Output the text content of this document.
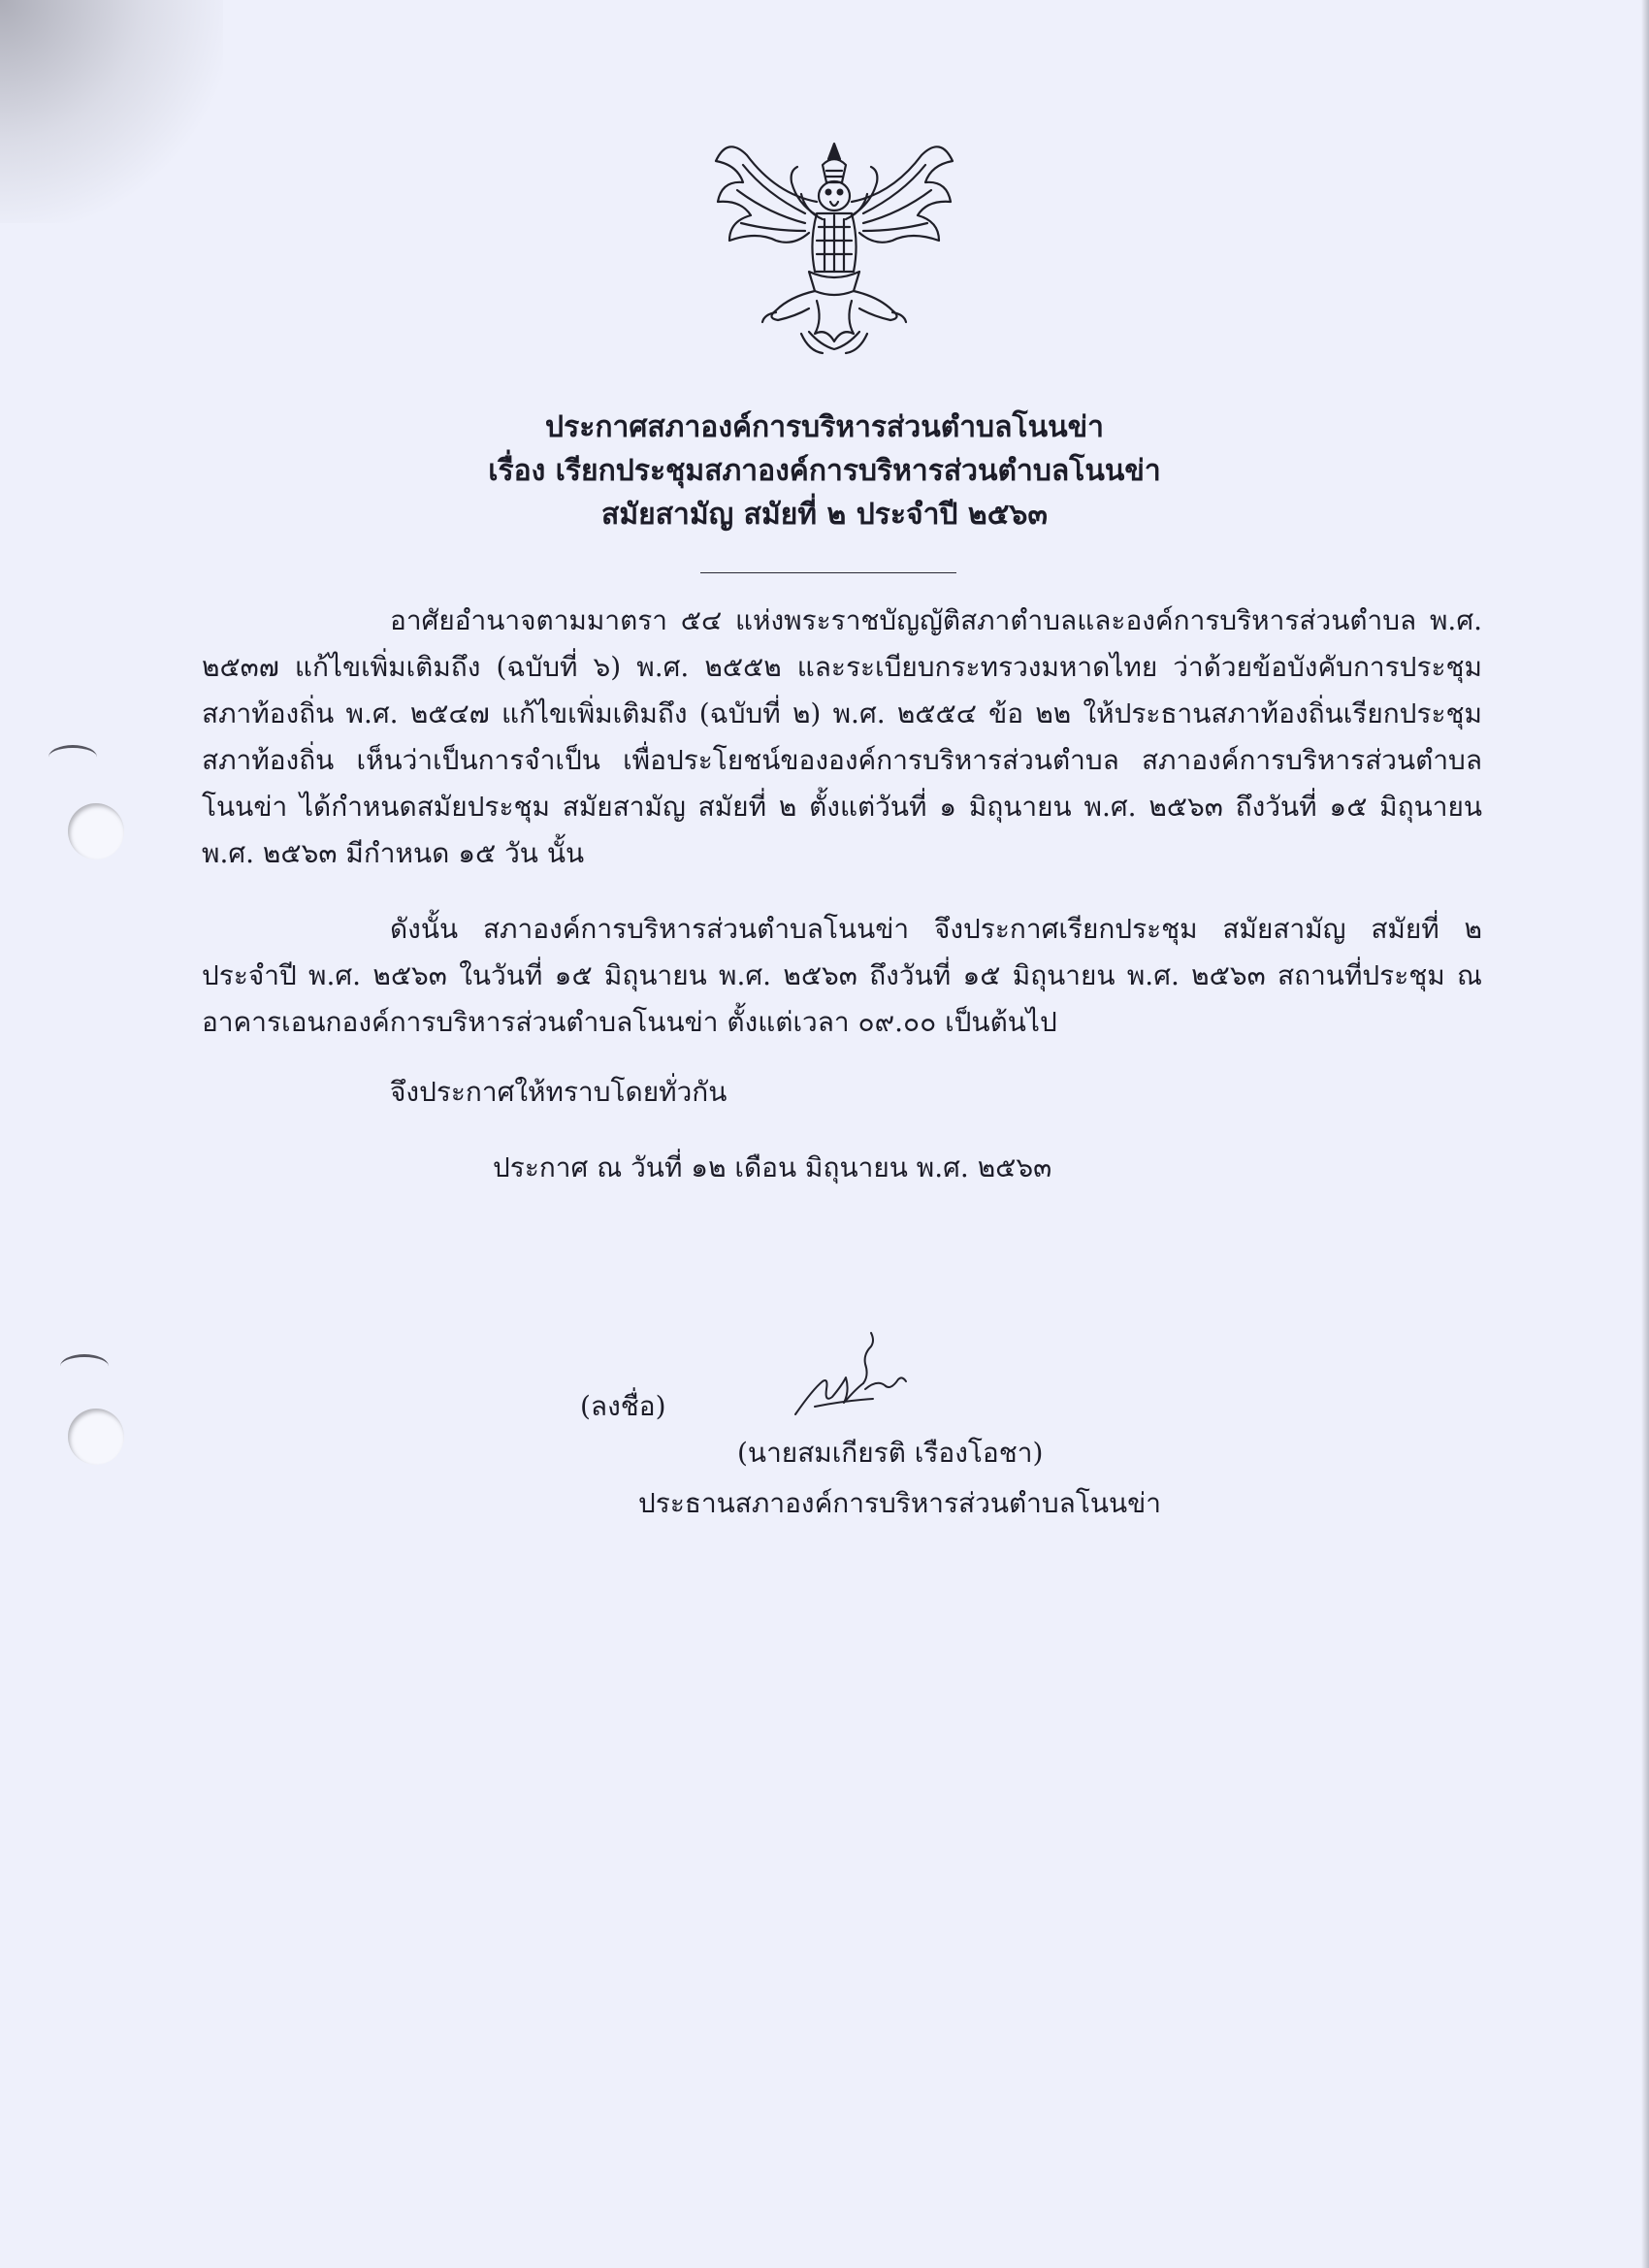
ประกาศสภาองค์การบริหารส่วนตำบลโนนข่า
เรื่อง เรียกประชุมสภาองค์การบริหารส่วนตำบลโนนข่า
สมัยสามัญ สมัยที่ ๒ ประจำปี ๒๕๖๓
อาศัยอำนาจตามมาตรา ๕๔ แห่งพระราชบัญญัติสภาตำบลและองค์การบริหารส่วนตำบล พ.ศ. ๒๕๓๗ แก้ไขเพิ่มเติมถึง (ฉบับที่ ๖) พ.ศ. ๒๕๕๒ และระเบียบกระทรวงมหาดไทย ว่าด้วยข้อบังคับการประชุมสภาท้องถิ่น พ.ศ. ๒๕๔๗ แก้ไขเพิ่มเติมถึง (ฉบับที่ ๒) พ.ศ. ๒๕๕๔ ข้อ ๒๒ ให้ประธานสภาท้องถิ่นเรียกประชุมสภาท้องถิ่น เห็นว่าเป็นการจำเป็น เพื่อประโยชน์ขององค์การบริหารส่วนตำบล สภาองค์การบริหารส่วนตำบลโนนข่า ได้กำหนดสมัยประชุม สมัยสามัญ สมัยที่ ๒ ตั้งแต่วันที่ ๑ มิถุนายน พ.ศ. ๒๕๖๓ ถึงวันที่ ๑๕ มิถุนายน พ.ศ. ๒๕๖๓ มีกำหนด ๑๕ วัน นั้น
ดังนั้น สภาองค์การบริหารส่วนตำบลโนนข่า จึงประกาศเรียกประชุม สมัยสามัญ สมัยที่ ๒ ประจำปี พ.ศ. ๒๕๖๓ ในวันที่ ๑๕ มิถุนายน พ.ศ. ๒๕๖๓ ถึงวันที่ ๑๕ มิถุนายน พ.ศ. ๒๕๖๓ สถานที่ประชุม ณ อาคารเอนกองค์การบริหารส่วนตำบลโนนข่า ตั้งแต่เวลา ๐๙.๐๐ เป็นต้นไป
จึงประกาศให้ทราบโดยทั่วกัน
ประกาศ ณ วันที่ ๑๒ เดือน มิถุนายน พ.ศ. ๒๕๖๓
(ลงชื่อ)
(นายสมเกียรติ เรืองโอชา)
ประธานสภาองค์การบริหารส่วนตำบลโนนข่า
